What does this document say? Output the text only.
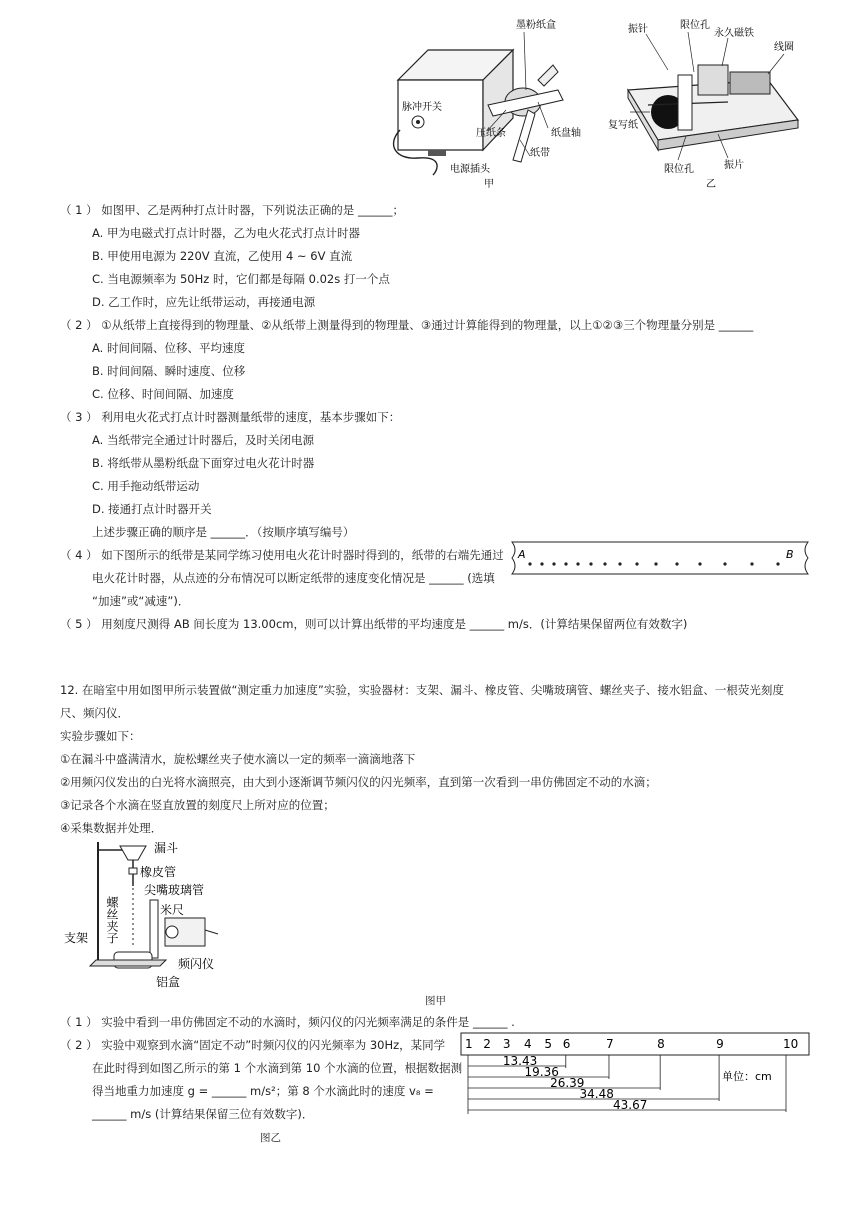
脉冲开关
墨粉纸盒
压纸条	纸盘轴
纸带
电源插头
甲
限位孔
振针	永久磁铁
线圈
复写纸
限位孔	振片
乙
（ 1 ） 如图甲、乙是两种打点计时器，下列说法正确的是 ______；
A. 甲为电磁式打点计时器，乙为电火花式打点计时器
B. 甲使用电源为 220V 直流，乙使用 4 ~ 6V 直流
C. 当电源频率为 50Hz 时，它们都是每隔 0.02s 打一个点
D. 乙工作时，应先让纸带运动，再接通电源
（ 2 ） ①从纸带上直接得到的物理量、②从纸带上测量得到的物理量、③通过计算能得到的物理量，以上①②③三个物理量分别是 ______
A. 时间间隔、位移、平均速度
B. 时间间隔、瞬时速度、位移
C. 位移、时间间隔、加速度
（ 3 ） 利用电火花式打点计时器测量纸带的速度，基本步骤如下：
A. 当纸带完全通过计时器后，及时关闭电源
B. 将纸带从墨粉纸盘下面穿过电火花计时器
C. 用手拖动纸带运动
D. 接通打点计时器开关
上述步骤正确的顺序是 ______．（按顺序填写编号）
（ 4 ） 如下图所示的纸带是某同学练习使用电火花计时器时得到的，纸带的右端先通过
电火花计时器，从点迹的分布情况可以断定纸带的速度变化情况是 ______ (选填
“加速”或“减速”)．
A	B
（ 5 ） 用刻度尺测得 AB 间长度为 13.00cm，则可以计算出纸带的平均速度是 ______ m/s．(计算结果保留两位有效数字)
12. 在暗室中用如图甲所示装置做“测定重力加速度”实验，实验器材：支架、漏斗、橡皮管、尖嘴玻璃管、螺丝夹子、接水铝盒、一根荧光刻度
尺、频闪仪．
实验步骤如下：
①在漏斗中盛满清水，旋松螺丝夹子使水滴以一定的频率一滴滴地落下
②用频闪仪发出的白光将水滴照亮，由大到小逐渐调节频闪仪的闪光频率，直到第一次看到一串仿佛固定不动的水滴；
③记录各个水滴在竖直放置的刻度尺上所对应的位置；
④采集数据并处理．
漏斗
橡皮管
尖嘴玻璃管
螺丝夹子	米尺
支架
频闪仪
铝盒
图甲
（ 1 ） 实验中看到一串仿佛固定不动的水滴时，频闪仪的闪光频率满足的条件是 ______ .
（ 2 ） 实验中观察到水滴“固定不动”时频闪仪的闪光频率为 30Hz，某同学
在此时得到如图乙所示的第 1 个水滴到第 10 个水滴的位置，根据数据测
得当地重力加速度 g = ______ m/s²；第 8 个水滴此时的速度 v₈ =
______ m/s (计算结果保留三位有效数字)．
图乙
1 2 3 4 5 6	7	8	9	10
13.43
19.36
26.39
34.48
43.67
单位：cm
